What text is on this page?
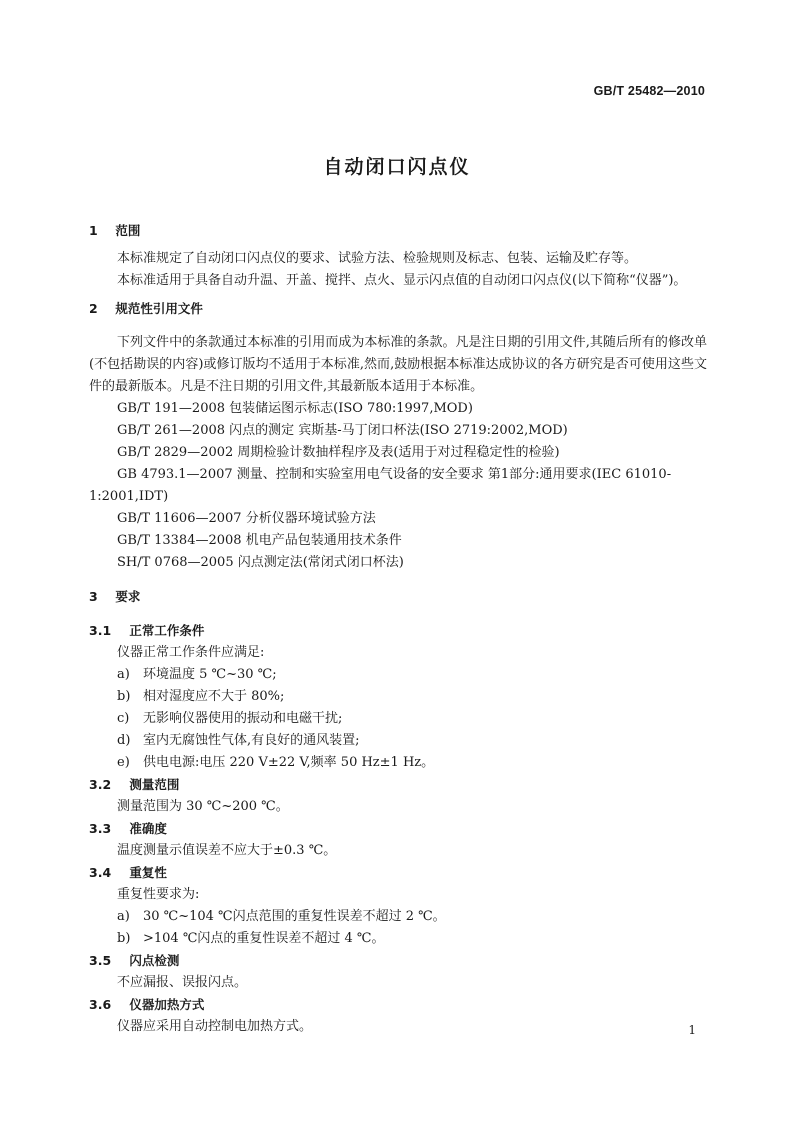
GB/T 25482—2010
自动闭口闪点仪
1 范围

本标准规定了自动闭口闪点仪的要求、试验方法、检验规则及标志、包装、运输及贮存等。

本标准适用于具备自动升温、开盖、搅拌、点火、显示闪点值的自动闭口闪点仪(以下简称“仪器”)。

2 规范性引用文件

下列文件中的条款通过本标准的引用而成为本标准的条款。凡是注日期的引用文件,其随后所有的修改单(不包括勘误的内容)或修订版均不适用于本标准,然而,鼓励根据本标准达成协议的各方研究是否可使用这些文件的最新版本。凡是不注日期的引用文件,其最新版本适用于本标准。

GB/T 191—2008 包装储运图示标志(ISO 780:1997,MOD)

GB/T 261—2008 闪点的测定 宾斯基-马丁闭口杯法(ISO 2719:2002,MOD)

GB/T 2829—2002 周期检验计数抽样程序及表(适用于对过程稳定性的检验)

GB 4793.1—2007 测量、控制和实验室用电气设备的安全要求 第1部分:通用要求(IEC 61010-1:2001,IDT)

GB/T 11606—2007 分析仪器环境试验方法

GB/T 13384—2008 机电产品包装通用技术条件

SH/T 0768—2005 闪点测定法(常闭式闭口杯法)

3 要求
3.1 正常工作条件

仪器正常工作条件应满足:

a) 环境温度 5 ℃~30 ℃;

b) 相对湿度应不大于 80%;

c) 无影响仪器使用的振动和电磁干扰;

d) 室内无腐蚀性气体,有良好的通风装置;

e) 供电电源:电压 220 V±22 V,频率 50 Hz±1 Hz。

3.2 测量范围

测量范围为 30 ℃~200 ℃。

3.3 准确度

温度测量示值误差不应大于±0.3 ℃。

3.4 重复性

重复性要求为:

a) 30 ℃~104 ℃闪点范围的重复性误差不超过 2 ℃。

b) >104 ℃闪点的重复性误差不超过 4 ℃。

3.5 闪点检测

不应漏报、误报闪点。

3.6 仪器加热方式

仪器应采用自动控制电加热方式。	1
